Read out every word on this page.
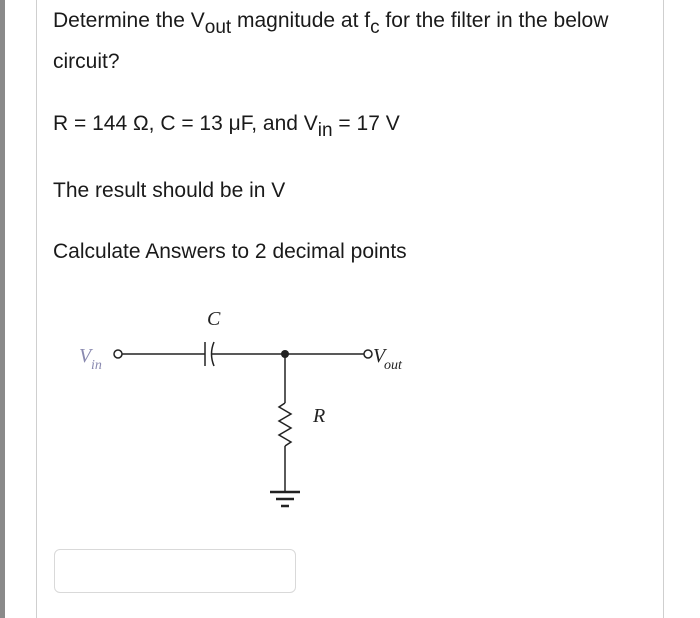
Determine the Vout magnitude at fc for the filter in the below circuit?
R = 144 Ω, C = 13 μF, and Vin = 17 V
The result should be in V
Calculate Answers to 2 decimal points
V in
C
R
V
out
